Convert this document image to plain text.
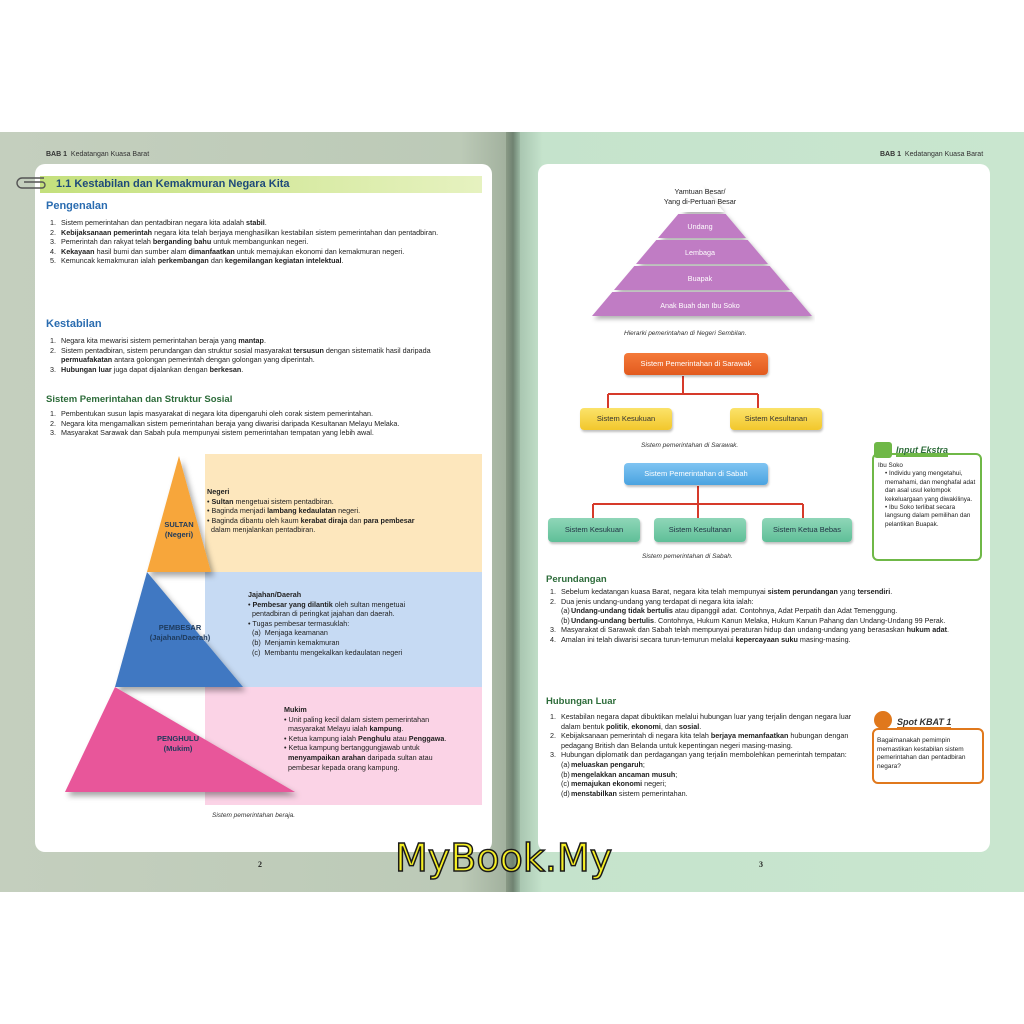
BAB 1 Kedatangan Kuasa Barat
1.1 Kestabilan dan Kemakmuran Negara Kita
Pengenalan
1. Sistem pemerintahan dan pentadbiran negara kita adalah stabil.
2. Kebijaksanaan pemerintah negara kita telah berjaya menghasilkan kestabilan sistem pemerintahan dan pentadbiran.
3. Pemerintah dan rakyat telah berganding bahu untuk membangunkan negeri.
4. Kekayaan hasil bumi dan sumber alam dimanfaatkan untuk memajukan ekonomi dan kemakmuran negeri.
5. Kemuncak kemakmuran ialah perkembangan dan kegemilangan kegiatan intelektual.
Kestabilan
1. Negara kita mewarisi sistem pemerintahan beraja yang mantap.
2. Sistem pentadbiran, sistem perundangan dan struktur sosial masyarakat tersusun dengan sistematik hasil daripada permuafakatan antara golongan pemerintah dengan golongan yang diperintah.
3. Hubungan luar juga dapat dijalankan dengan berkesan.
Sistem Pemerintahan dan Struktur Sosial
1. Pembentukan susun lapis masyarakat di negara kita dipengaruhi oleh corak sistem pemerintahan.
2. Negara kita mengamalkan sistem pemerintahan beraja yang diwarisi daripada Kesultanan Melayu Melaka.
3. Masyarakat Sarawak dan Sabah pula mempunyai sistem pemerintahan tempatan yang lebih awal.
SULTAN
(Negeri)
PEMBESAR
(Jajahan/Daerah)
PENGHULU
(Mukim)
Negeri
• Sultan mengetuai sistem pentadbiran.
• Baginda menjadi lambang kedaulatan negeri.
• Baginda dibantu oleh kaum kerabat diraja dan para pembesar
dalam menjalankan pentadbiran.
Jajahan/Daerah
• Pembesar yang dilantik oleh sultan mengetuai
pentadbiran di peringkat jajahan dan daerah.
• Tugas pembesar termasuklah:
(a)  Menjaga keamanan
(b)  Menjamin kemakmuran
(c)  Membantu mengekalkan kedaulatan negeri
Mukim
• Unit paling kecil dalam sistem pemerintahan
masyarakat Melayu ialah kampung.
• Ketua kampung ialah Penghulu atau Penggawa.
• Ketua kampung bertanggungjawab untuk
menyampaikan arahan daripada sultan atau
pembesar kepada orang kampung.
Sistem pemerintahan beraja.
2
BAB 1 Kedatangan Kuasa Barat
Yamtuan Besar/
Yang di-Pertuan Besar
Undang
Lembaga
Buapak
Anak Buah dan Ibu Soko
Hierarki pemerintahan di Negeri Sembilan.
Sistem Pemerintahan di Sarawak
Sistem Kesukuan	Sistem Kesultanan
Sistem pemerintahan di Sarawak.
Sistem Pemerintahan di Sabah
Sistem Kesukuan	Sistem Kesultanan	Sistem Ketua Bebas
Sistem pemerintahan di Sabah.
Input Ekstra
Ibu Soko
• Individu yang mengetahui, memahami, dan menghafal adat dan asal usul kelompok kekeluargaan yang diwakilinya.
• Ibu Soko terlibat secara langsung dalam pemilihan dan pelantikan Buapak.
Perundangan
1. Sebelum kedatangan kuasa Barat, negara kita telah mempunyai sistem perundangan yang tersendiri.
2. Dua jenis undang-undang yang terdapat di negara kita ialah:
(a) Undang-undang tidak bertulis atau dipanggil adat. Contohnya, Adat Perpatih dan Adat Temenggung.
(b) Undang-undang bertulis. Contohnya, Hukum Kanun Melaka, Hukum Kanun Pahang dan Undang-Undang 99 Perak.
3. Masyarakat di Sarawak dan Sabah telah mempunyai peraturan hidup dan undang-undang yang berasaskan hukum adat.
4. Amalan ini telah diwarisi secara turun-temurun melalui kepercayaan suku masing-masing.
Hubungan Luar
1. Kestabilan negara dapat dibuktikan melalui hubungan luar yang terjalin dengan negara luar dalam bentuk politik, ekonomi, dan sosial.
2. Kebijaksanaan pemerintah di negara kita telah berjaya memanfaatkan hubungan dengan pedagang British dan Belanda untuk kepentingan negeri masing-masing.
3. Hubungan diplomatik dan perdagangan yang terjalin membolehkan pemerintah tempatan:
(a) meluaskan pengaruh;
(b) mengelakkan ancaman musuh;
(c) memajukan ekonomi negeri;
(d) menstabilkan sistem pemerintahan.
Spot KBAT 1
Bagaimanakah pemimpin memastikan kestabilan sistem pemerintahan dan pentadbiran negara?
3
MyBook.My
